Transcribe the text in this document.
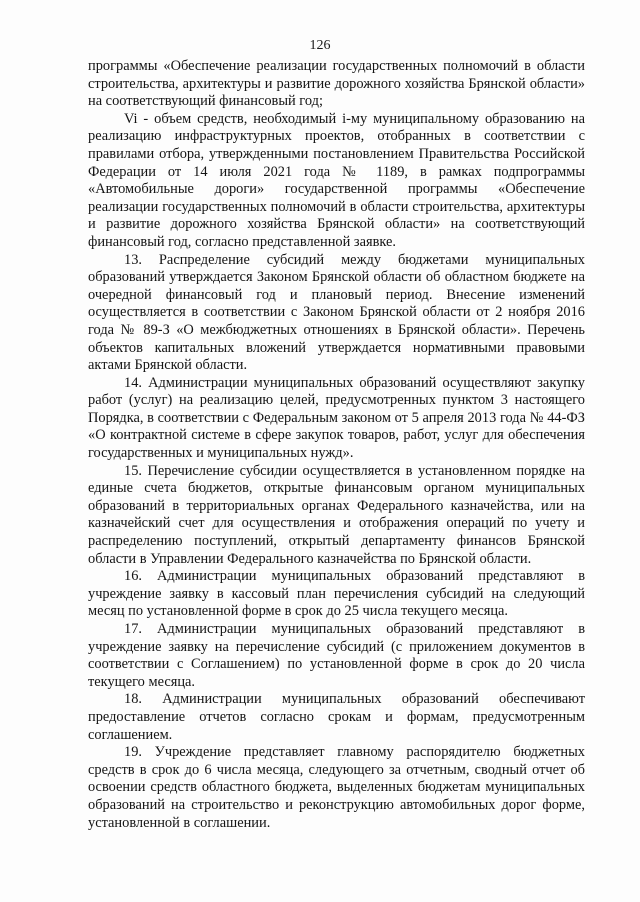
126

программы «Обеспечение реализации государственных полномочий в области строительства, архитектуры и развитие дорожного хозяйства Брянской области» на соответствующий финансовый год;

Vi - объем средств, необходимый i-му муниципальному образованию на реализацию инфраструктурных проектов, отобранных в соответствии с правилами отбора, утвержденными постановлением Правительства Российской Федерации от 14 июля 2021 года № 1189, в рамках подпрограммы «Автомобильные дороги» государственной программы «Обеспечение реализации государственных полномочий в области строительства, архитектуры и развитие дорожного хозяйства Брянской области» на соответствующий финансовый год, согласно представленной заявке.

13. Распределение субсидий между бюджетами муниципальных образований утверждается Законом Брянской области об областном бюджете на очередной финансовый год и плановый период. Внесение изменений осуществляется в соответствии с Законом Брянской области от 2 ноября 2016 года № 89-З «О межбюджетных отношениях в Брянской области». Перечень объектов капитальных вложений утверждается нормативными правовыми актами Брянской области.

14. Администрации муниципальных образований осуществляют закупку работ (услуг) на реализацию целей, предусмотренных пунктом 3 настоящего Порядка, в соответствии с Федеральным законом от 5 апреля 2013 года № 44-ФЗ «О контрактной системе в сфере закупок товаров, работ, услуг для обеспечения государственных и муниципальных нужд».

15. Перечисление субсидии осуществляется в установленном порядке на единые счета бюджетов, открытые финансовым органом муниципальных образований в территориальных органах Федерального казначейства, или на казначейский счет для осуществления и отображения операций по учету и распределению поступлений, открытый департаменту финансов Брянской области в Управлении Федерального казначейства по Брянской области.

16. Администрации муниципальных образований представляют в учреждение заявку в кассовый план перечисления субсидий на следующий месяц по установленной форме в срок до 25 числа текущего месяца.

17. Администрации муниципальных образований представляют в учреждение заявку на перечисление субсидий (с приложением документов в соответствии с Соглашением) по установленной форме в срок до 20 числа текущего месяца.

18. Администрации муниципальных образований обеспечивают предоставление отчетов согласно срокам и формам, предусмотренным соглашением.

19. Учреждение представляет главному распорядителю бюджетных средств в срок до 6 числа месяца, следующего за отчетным, сводный отчет об освоении средств областного бюджета, выделенных бюджетам муниципальных образований на строительство и реконструкцию автомобильных дорог форме, установленной в соглашении.
